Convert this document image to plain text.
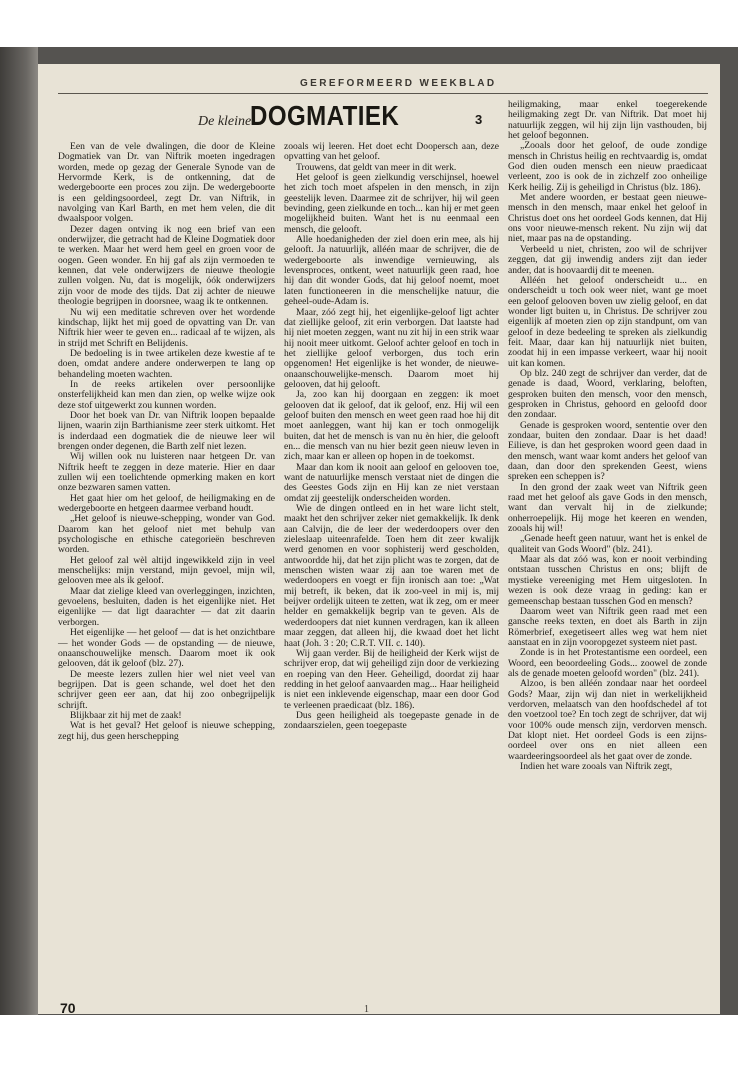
GEREFORMEERD WEEKBLAD
De kleine
DOGMATIEK	3

Een van de vele dwalingen, die door de Kleine Dogmatiek van Dr. van Niftrik moeten ingedragen worden, mede op gezag der Generale Synode van de Hervormde Kerk, is de ontkenning, dat de wedergeboorte een proces zou zijn. De wedergeboorte is een geldingsoordeel, zegt Dr. van Niftrik, in navolging van Karl Barth, en met hem velen, die dit dwaalspoor volgen.

Dezer dagen ontving ik nog een brief van een onderwijzer, die getracht had de Kleine Dogmatiek door te werken. Maar het werd hem geel en groen voor de oogen. Geen wonder. En hij gaf als zijn vermoeden te kennen, dat vele onderwijzers de nieuwe theologie zullen volgen. Nu, dat is mogelijk, óók onderwijzers zijn voor de mode des tijds. Dat zij achter de nieuwe theologie begrijpen in doorsnee, waag ik te ontkennen.

Nu wij een meditatie schreven over het wordende kindschap, lijkt het mij goed de opvatting van Dr. van Niftrik hier weer te geven en... radicaal af te wijzen, als in strijd met Schrift en Belijdenis.

De bedoeling is in twee artikelen deze kwestie af te doen, omdat andere andere onderwerpen te lang op behandeling moeten wachten.

In de reeks artikelen over persoonlijke onsterfelijkheid kan men dan zien, op welke wijze ook deze stof uitgewerkt zou kunnen worden.

Door het boek van Dr. van Niftrik loopen bepaalde lijnen, waarin zijn Barthianisme zeer sterk uitkomt. Het is inderdaad een dogmatiek die de nieuwe leer wil brengen onder degenen, die Barth zelf niet lezen.

Wij willen ook nu luisteren naar hetgeen Dr. van Niftrik heeft te zeggen in deze materie. Hier en daar zullen wij een toelichtende opmerking maken en kort onze bezwaren samen vatten.

Het gaat hier om het geloof, de heiligmaking en de wedergeboorte en hetgeen daarmee verband houdt.

„Het geloof is nieuwe-schepping, wonder van God. Daarom kan het geloof niet met behulp van psychologische en ethische categorieën beschreven worden.

Het geloof zal wèl altijd ingewikkeld zijn in veel menschelijks: mijn verstand, mijn gevoel, mijn wil, gelooven mee als ik geloof.

Maar dat zielige kleed van overleggingen, inzichten, gevoelens, besluiten, daden is het eigenlijke niet. Het eigenlijke — dat ligt daarachter — dat zit daarin verborgen.

Het eigenlijke — het geloof — dat is het onzichtbare — het wonder Gods — de opstanding — de nieuwe, onaanschouwelijke mensch. Daarom moet ik ook gelooven, dát ik geloof (blz. 27).

De meeste lezers zullen hier wel niet veel van begrijpen. Dat is geen schande, wel doet het den schrijver geen eer aan, dat hij zoo onbegrijpelijk schrijft.

Blijkbaar zit hij met de zaak!

Wat is het geval? Het geloof is nieuwe schepping, zegt hij, dus geen herschepping

zooals wij leeren. Het doet echt Doopersch aan, deze opvatting van het geloof.

Trouwens, dat geldt van meer in dit werk.

Het geloof is geen zielkundig verschijnsel, hoewel het zich toch moet afspelen in den mensch, in zijn geestelijk leven. Daarmee zit de schrijver, hij wil geen bevinding, geen zielkunde en toch... kan hij er met geen mogelijkheid buiten. Want het is nu eenmaal een mensch, die gelooft.

Alle hoedanigheden der ziel doen erin mee, als hij gelooft. Ja natuurlijk, alléén maar de schrijver, die de wedergeboorte als inwendige vernieuwing, als levensproces, ontkent, weet natuurlijk geen raad, hoe hij dan dit wonder Gods, dat hij geloof noemt, moet laten functioneeren in die menschelijke natuur, die geheel-oude-Adam is.

Maar, zóó zegt hij, het eigenlijke-geloof ligt achter dat ziellijke geloof, zit erin verborgen. Dat laatste had hij niet moeten zeggen, want nu zit hij in een strik waar hij nooit meer uitkomt. Geloof achter geloof en toch in het ziellijke geloof verborgen, dus toch erin opgenomen! Het eigenlijke is het wonder, de nieuwe-onaanschouwelijke-mensch. Daarom moet hij gelooven, dat hij gelooft.

Ja, zoo kan hij doorgaan en zeggen: ik moet gelooven dat ik geloof, dat ik geloof, enz. Hij wil een geloof buiten den mensch en weet geen raad hoe hij dit moet aanleggen, want hij kan er toch onmogelijk buiten, dat het de mensch is van nu èn hier, die gelooft en... die mensch van nu hier bezit geen nieuw leven in zich, maar kan er alleen op hopen in de toekomst.

Maar dan kom ik nooit aan geloof en gelooven toe, want de natuurlijke mensch verstaat niet de dingen die des Geestes Gods zijn en Hij kan ze niet verstaan omdat zij geestelijk onderscheiden worden.

Wie de dingen ontleed en in het ware licht stelt, maakt het den schrijver zeker niet gemakkelijk. Ik denk aan Calvijn, die de leer der wederdoopers over den zieleslaap uiteenrafelde. Toen hem dit zeer kwalijk werd genomen en voor sophisterij werd gescholden, antwoordde hij, dat het zijn plicht was te zorgen, dat de menschen wisten waar zij aan toe waren met de wederdoopers en voegt er fijn ironisch aan toe: „Wat mij betreft, ik beken, dat ik zoo-veel in mij is, mij beijver ordelijk uiteen te zetten, wat ik zeg, om er meer helder en gemakkelijk begrip van te geven. Als de wederdoopers dat niet kunnen verdragen, kan ik alleen maar zeggen, dat alleen hij, die kwaad doet het licht haat (Joh. 3 : 20; C.R.T. VII. c. 140).

Wij gaan verder. Bij de heiligheid der Kerk wijst de schrijver erop, dat wij geheiligd zijn door de verkiezing en roeping van den Heer. Geheiligd, doordat zij haar redding in het geloof aanvaarden mag... Haar heiligheid is niet een inklevende eigenschap, maar een door God te verleenen praedicaat (blz. 186).

Dus geen heiligheid als toegepaste genade in de zondaarszielen, geen toegepaste

heiligmaking, maar enkel toegerekende heiligmaking zegt Dr. van Niftrik. Dat moet hij natuurlijk zeggen, wil hij zijn lijn vasthouden, bij het geloof begonnen.

„Zooals door het geloof, de oude zondige mensch in Christus heilig en rechtvaardig is, omdat God dien ouden mensch een nieuw praedicaat verleent, zoo is ook de in zichzelf zoo onheilige Kerk heilig. Zij is geheiligd in Christus (blz. 186).

Met andere woorden, er bestaat geen nieuwe-mensch in den mensch, maar enkel het geloof in Christus doet ons het oordeel Gods kennen, dat Hij ons voor nieuwe-mensch rekent. Nu zijn wij dat niet, maar pas na de opstanding.

Verbeeld u niet, christen, zoo wil de schrijver zeggen, dat gij inwendig anders zijt dan ieder ander, dat is hoovaardij dit te meenen.

Alléén het geloof onderscheidt u... en onderscheidt u toch ook weer niet, want ge moet een geloof gelooven boven uw zielig geloof, en dat wonder ligt buiten u, in Christus. De schrijver zou eigenlijk af moeten zien op zijn standpunt, om van geloof in deze bedeeling te spreken als zielkundig feit. Maar, daar kan hij natuurlijk niet buiten, zoodat hij in een impasse verkeert, waar hij nooit uit kan komen.

Op blz. 240 zegt de schrijver dan verder, dat de genade is daad, Woord, verklaring, beloften, gesproken buiten den mensch, voor den mensch, gesproken in Christus, gehoord en geloofd door den zondaar.

Genade is gesproken woord, sententie over den zondaar, buiten den zondaar. Daar is het daad! Eilieve, is dan het gesproken woord geen daad in den mensch, want waar komt anders het geloof van daan, dan door den sprekenden Geest, wiens spreken een scheppen is?

In den grond der zaak weet van Niftrik geen raad met het geloof als gave Gods in den mensch, want dan vervalt hij in de zielkunde; onherroepelijk. Hij moge het keeren en wenden, zooals hij wil!

„Genade heeft geen natuur, want het is enkel de qualiteit van Gods Woord" (blz. 241).

Maar als dat zóó was, kon er nooit verbinding ontstaan tusschen Christus en ons; blijft de mystieke vereeniging met Hem uitgesloten. In wezen is ook deze vraag in geding: kan er gemeenschap bestaan tusschen God en mensch?

Daarom weet van Niftrik geen raad met een gansche reeks texten, en doet als Barth in zijn Römerbrief, exegetiseert alles weg wat hem niet aanstaat en in zijn vooropgezet systeem niet past.

Zonde is in het Protestantisme een oordeel, een Woord, een beoordeeling Gods... zoowel de zonde als de genade moeten geloofd worden" (blz. 241).

Alzoo, is ben alléén zondaar naar het oordeel Gods? Maar, zijn wij dan niet in werkelijkheid verdorven, melaatsch van den hoofdschedel af tot den voetzool toe? En toch zegt de schrijver, dat wij voor 100% oude mensch zijn, verdorven mensch. Dat klopt niet. Het oordeel Gods is een zijns-oordeel over ons en niet alleen een waardeeringsoordeel als het gaat over de zonde.

Indien het ware zooals van Niftrik zegt,

70	1
